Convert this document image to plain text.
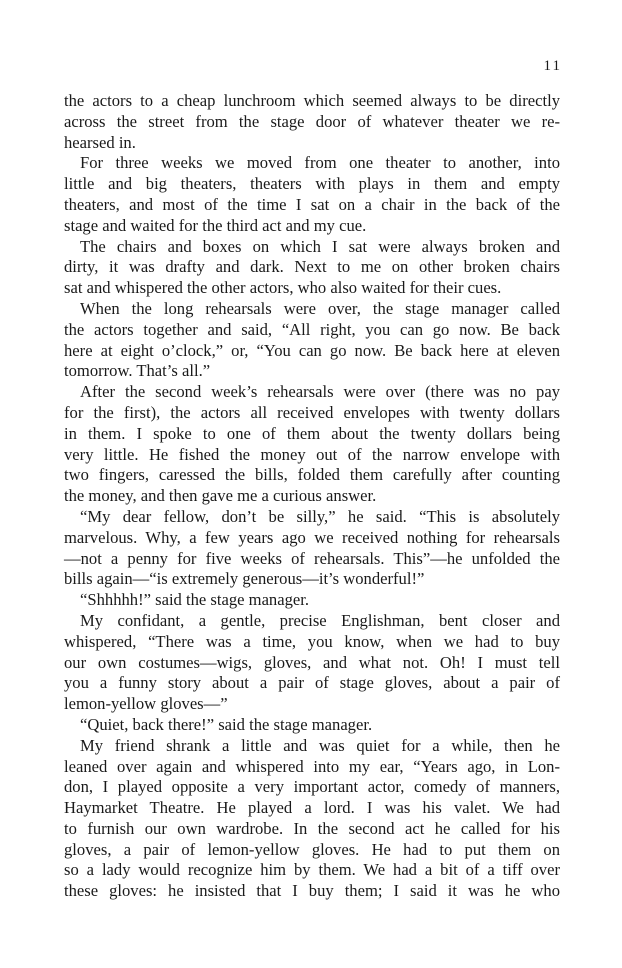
11
the actors to a cheap lunchroom which seemed always to be directly
across the street from the stage door of whatever theater we re-
hearsed in.
For three weeks we moved from one theater to another, into
little and big theaters, theaters with plays in them and empty
theaters, and most of the time I sat on a chair in the back of the
stage and waited for the third act and my cue.
The chairs and boxes on which I sat were always broken and
dirty, it was drafty and dark. Next to me on other broken chairs
sat and whispered the other actors, who also waited for their cues.
When the long rehearsals were over, the stage manager called
the actors together and said, “All right, you can go now. Be back
here at eight o’clock,” or, “You can go now. Be back here at eleven
tomorrow. That’s all.”
After the second week’s rehearsals were over (there was no pay
for the first), the actors all received envelopes with twenty dollars
in them. I spoke to one of them about the twenty dollars being
very little. He fished the money out of the narrow envelope with
two fingers, caressed the bills, folded them carefully after counting
the money, and then gave me a curious answer.
“My dear fellow, don’t be silly,” he said. “This is absolutely
marvelous. Why, a few years ago we received nothing for rehearsals
—not a penny for five weeks of rehearsals. This”—he unfolded the
bills again—“is extremely generous—it’s wonderful!”
“Shhhhh!” said the stage manager.
My confidant, a gentle, precise Englishman, bent closer and
whispered, “There was a time, you know, when we had to buy
our own costumes—wigs, gloves, and what not. Oh! I must tell
you a funny story about a pair of stage gloves, about a pair of
lemon-yellow gloves—”
“Quiet, back there!” said the stage manager.
My friend shrank a little and was quiet for a while, then he
leaned over again and whispered into my ear, “Years ago, in Lon-
don, I played opposite a very important actor, comedy of manners,
Haymarket Theatre. He played a lord. I was his valet. We had
to furnish our own wardrobe. In the second act he called for his
gloves, a pair of lemon-yellow gloves. He had to put them on
so a lady would recognize him by them. We had a bit of a tiff over
these gloves: he insisted that I buy them; I said it was he who
